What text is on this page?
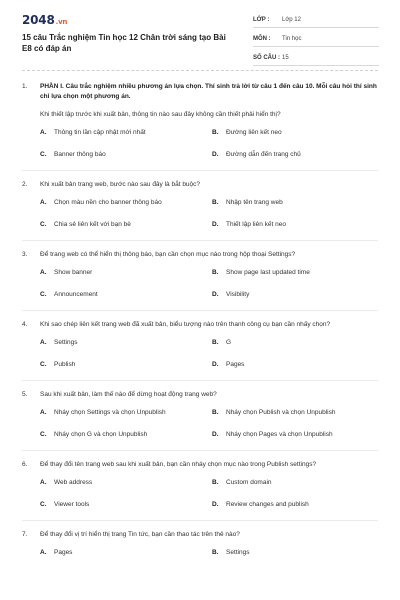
2048.vn
15 câu Trắc nghiệm Tin học 12 Chân trời sáng tạo Bài E8 có đáp án
LỚP : Lớp 12
MÔN : Tin học
SỐ CÂU : 15
1. PHẦN I. Câu trắc nghiệm nhiều phương án lựa chọn. Thí sinh trả lời từ câu 1 đến câu 10. Mỗi câu hỏi thí sinh chỉ lựa chọn một phương án.
Khi thiết lập trước khi xuất bản, thông tin nào sau đây không cần thiết phải hiển thị?
A. Thông tin lần cập nhật mới nhất	B. Đường liên kết neo
C. Banner thông báo	D. Đường dẫn đến trang chủ
2. Khi xuất bản trang web, bước nào sau đây là bắt buộc?
A. Chọn màu nền cho banner thông báo	B. Nhập tên trang web
C. Chia sẻ liên kết với bạn bè	D. Thiết lập liên kết neo
3. Để trang web có thể hiển thị thông báo, bạn cần chọn mục nào trong hộp thoại Settings?
A. Show banner	B. Show page last updated time
C. Announcement	D. Visibility
4. Khi sao chép liên kết trang web đã xuất bản, biểu tượng nào trên thanh công cụ bạn cần nhấy chọn?
A. Settings	B. G
C. Publish	D. Pages
5. Sau khi xuất bản, làm thế nào để dừng hoạt động trang web?
A. Nháy chọn Settings và chọn Unpublish	B. Nháy chọn Publish và chọn Unpublish
C. Nháy chọn G và chọn Unpublish	D. Nháy chọn Pages và chọn Unpublish
6. Để thay đổi tên trang web sau khi xuất bản, bạn cần nháy chọn mục nào trong Publish settings?
A. Web address	B. Custom domain
C. Viewer tools	D. Review changes and publish
7. Để thay đổi vị trí hiển thị trang Tin tức, bạn cần thao tác trên thẻ nào?
A. Pages	B. Settings
